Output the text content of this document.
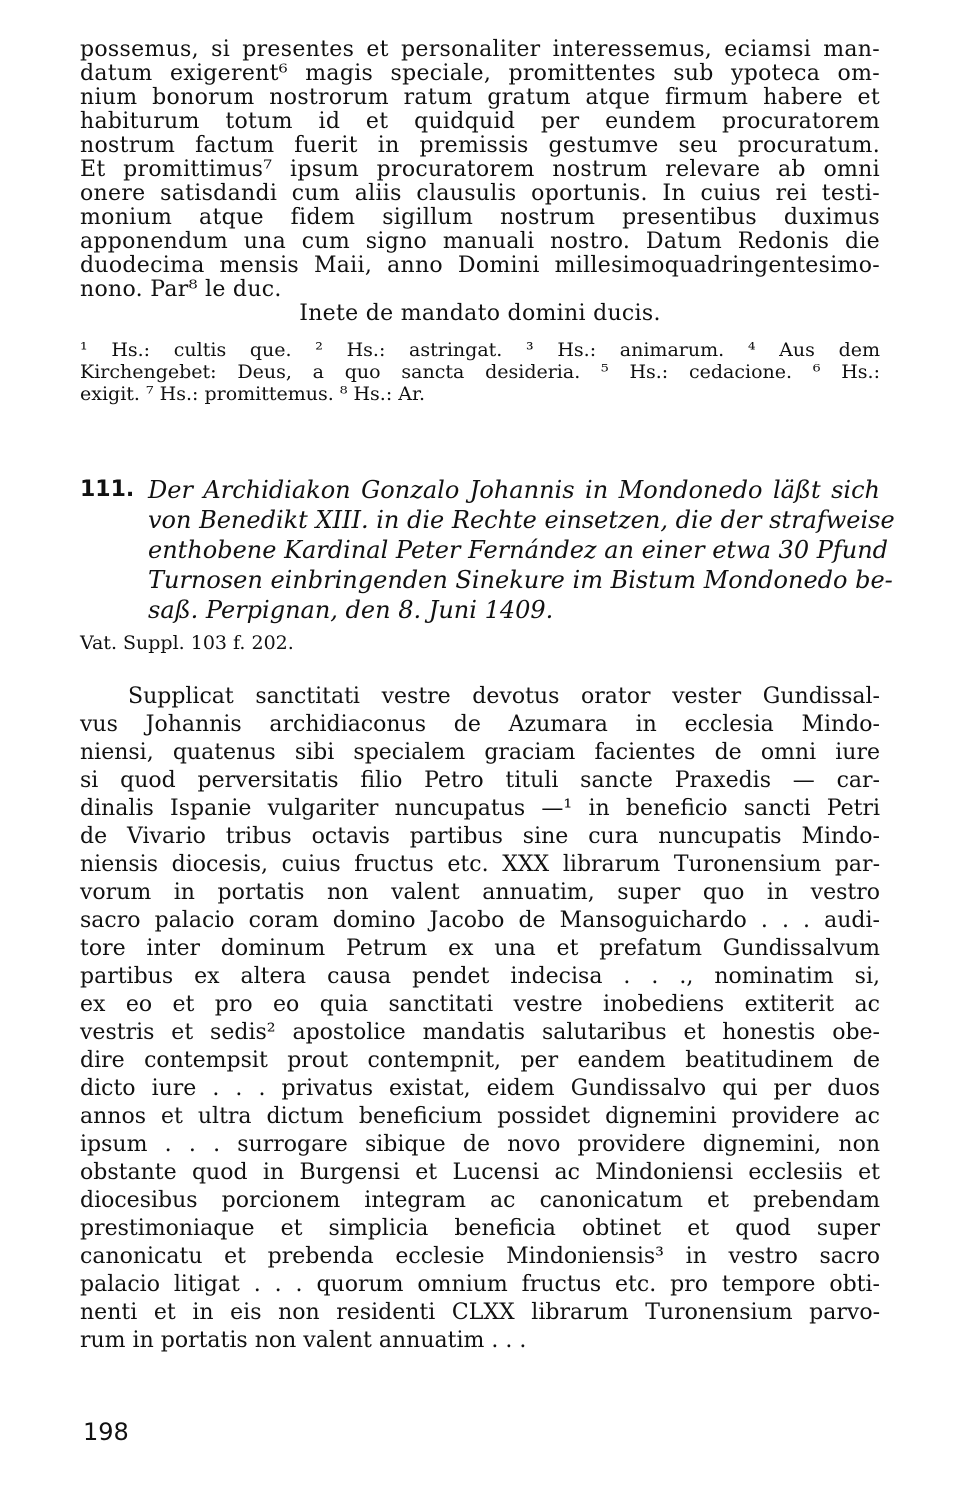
possemus, si presentes et personaliter interessemus, eciamsi man-
datum exigerent⁶ magis speciale, promittentes sub ypoteca om-
nium bonorum nostrorum ratum gratum atque firmum habere et
habiturum totum id et quidquid per eundem procuratorem
nostrum factum fuerit in premissis gestumve seu procuratum.
Et promittimus⁷ ipsum procuratorem nostrum relevare ab omni
onere satisdandi cum aliis clausulis oportunis. In cuius rei testi-
monium atque fidem sigillum nostrum presentibus duximus
apponendum una cum signo manuali nostro. Datum Redonis die
duodecima mensis Maii, anno Domini millesimoquadringentesimo-
nono. Par⁸ le duc.
Inete de mandato domini ducis.
¹ Hs.: cultis que. ² Hs.: astringat. ³ Hs.: animarum. ⁴ Aus dem
Kirchengebet: Deus, a quo sancta desideria. ⁵ Hs.: cedacione. ⁶ Hs.:
exigit. ⁷ Hs.: promittemus. ⁸ Hs.: Ar.
111. Der Archidiakon Gonzalo Johannis in Mondonedo läßt sich
von Benedikt XIII. in die Rechte einsetzen, die der strafweise
enthobene Kardinal Peter Fernández an einer etwa 30 Pfund
Turnosen einbringenden Sinekure im Bistum Mondonedo be-
saß. Perpignan, den 8. Juni 1409.
Vat. Suppl. 103 f. 202.
Supplicat sanctitati vestre devotus orator vester Gundissal-
vus Johannis archidiaconus de Azumara in ecclesia Mindo-
niensi, quatenus sibi specialem graciam facientes de omni iure
si quod perversitatis filio Petro tituli sancte Praxedis — car-
dinalis Ispanie vulgariter nuncupatus —¹ in beneficio sancti Petri
de Vivario tribus octavis partibus sine cura nuncupatis Mindo-
niensis diocesis, cuius fructus etc. XXX librarum Turonensium par-
vorum in portatis non valent annuatim, super quo in vestro
sacro palacio coram domino Jacobo de Mansoguichardo . . . audi-
tore inter dominum Petrum ex una et prefatum Gundissalvum
partibus ex altera causa pendet indecisa . . ., nominatim si,
ex eo et pro eo quia sanctitati vestre inobediens extiterit ac
vestris et sedis² apostolice mandatis salutaribus et honestis obe-
dire contempsit prout contempnit, per eandem beatitudinem de
dicto iure . . . privatus existat, eidem Gundissalvo qui per duos
annos et ultra dictum beneficium possidet dignemini providere ac
ipsum . . . surrogare sibique de novo providere dignemini, non
obstante quod in Burgensi et Lucensi ac Mindoniensi ecclesiis et
diocesibus porcionem integram ac canonicatum et prebendam
prestimoniaque et simplicia beneficia obtinet et quod super
canonicatu et prebenda ecclesie Mindoniensis³ in vestro sacro
palacio litigat . . . quorum omnium fructus etc. pro tempore obti-
nenti et in eis non residenti CLXX librarum Turonensium parvo-
rum in portatis non valent annuatim . . .
198
